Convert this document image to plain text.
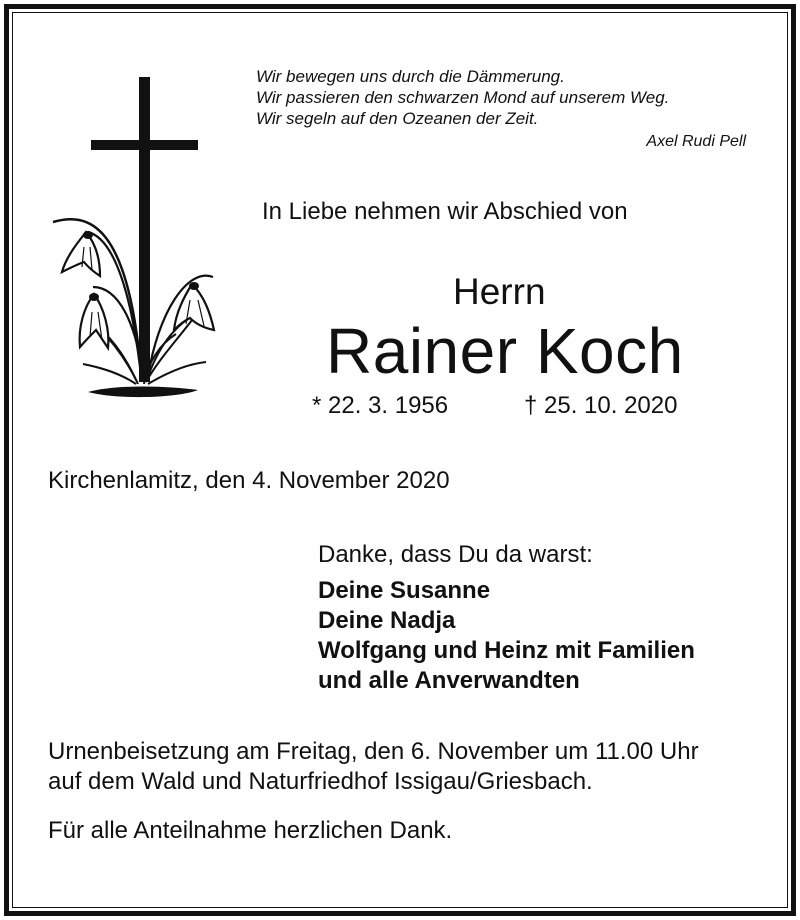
Wir bewegen uns durch die Dämmerung.
Wir passieren den schwarzen Mond auf unserem Weg.
Wir segeln auf den Ozeanen der Zeit.
Axel Rudi Pell
In Liebe nehmen wir Abschied von
Herrn
Rainer Koch
* 22. 3. 1956	† 25. 10. 2020
Kirchenlamitz, den 4. November 2020
Danke, dass Du da warst:
Deine Susanne
Deine Nadja
Wolfgang und Heinz mit Familien
und alle Anverwandten
Urnenbeisetzung am Freitag, den 6. November um 11.00 Uhr
auf dem Wald und Naturfriedhof Issigau/Griesbach.
Für alle Anteilnahme herzlichen Dank.
